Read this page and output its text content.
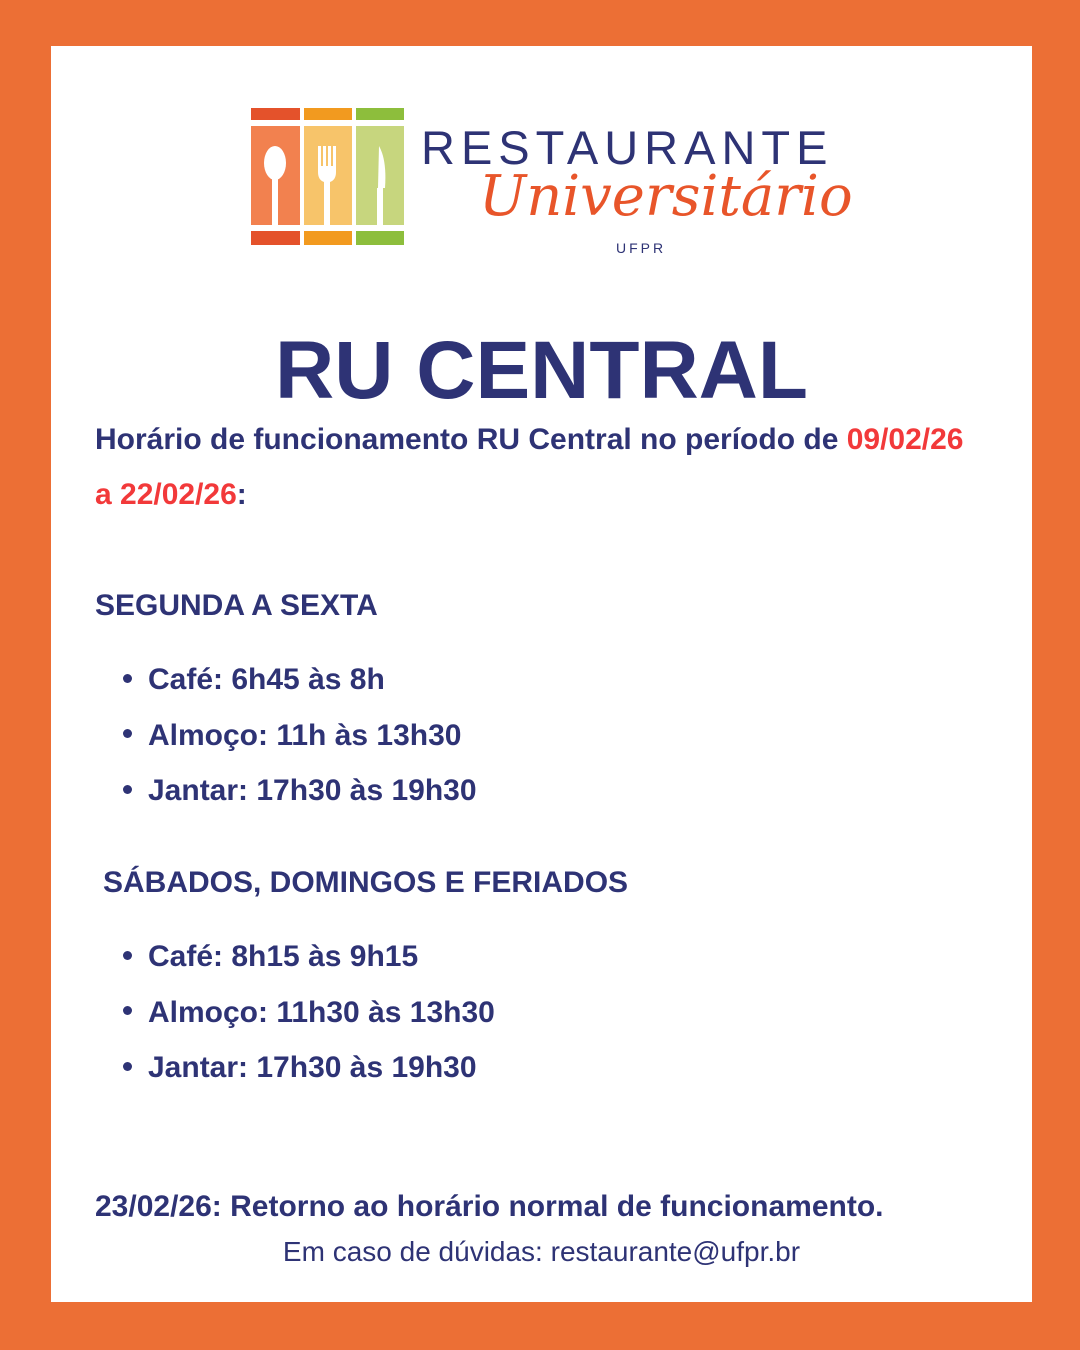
RESTAURANTE
Universitário
UFPR
RU CENTRAL
Horário de funcionamento RU Central no período de 09/02/26 a 22/02/26:
SEGUNDA A SEXTA
Café: 6h45 às 8h
Almoço: 11h às 13h30
Jantar: 17h30 às 19h30
SÁBADOS, DOMINGOS E FERIADOS
Café: 8h15 às 9h15
Almoço: 11h30 às 13h30
Jantar: 17h30 às 19h30
23/02/26: Retorno ao horário normal de funcionamento.
Em caso de dúvidas: restaurante@ufpr.br
